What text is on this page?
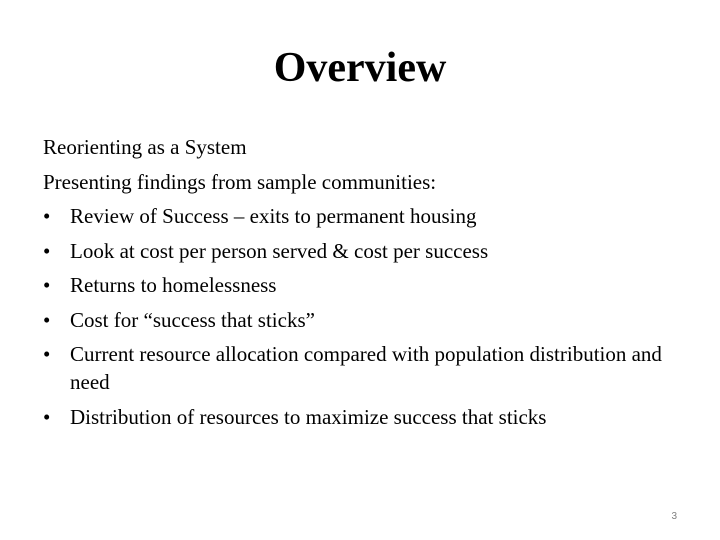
Overview
Reorienting as a System
Presenting findings from sample communities:
• Review of Success – exits to permanent housing
• Look at cost per person served & cost per success
• Returns to homelessness
• Cost for “success that sticks”
• Current resource allocation compared with population distribution and need
• Distribution of resources to maximize success that sticks
3
